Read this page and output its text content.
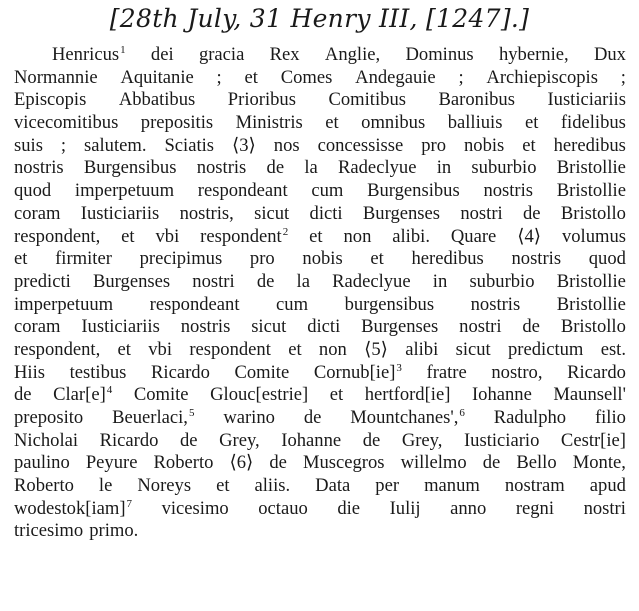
[28th July, 31 Henry III, [1247].]
Henricus$^1$ dei gracia Rex Anglie, Dominus hybernie, Dux
Normannie Aquitanie ; et Comes Andegauie ; Archiepiscopis ;
Episcopis Abbatibus Prioribus Comitibus Baronibus Iusticiariis
vicecomitibus prepositis Ministris et omnibus balliuis et fidelibus
suis ; salutem. Sciatis ⟨3⟩ nos concessisse pro nobis et heredibus
nostris Burgensibus nostris de la Radeclyue in suburbio Bristollie
quod imperpetuum respondeant cum Burgensibus nostris Bristollie
coram Iusticiariis nostris, sicut dicti Burgenses nostri de Bristollo
respondent, et vbi respondent$^2$ et non alibi. Quare ⟨4⟩ volumus
et firmiter precipimus pro nobis et heredibus nostris quod
predicti Burgenses nostri de la Radeclyue in suburbio Bristollie
imperpetuum respondeant cum burgensibus nostris Bristollie
coram Iusticiariis nostris sicut dicti Burgenses nostri de Bristollo
respondent, et vbi respondent et non ⟨5⟩ alibi sicut predictum est.
Hiis testibus Ricardo Comite Cornub[ie]$^3$ fratre nostro, Ricardo
de Clar[e]$^4$ Comite Glouc[estrie] et hertford[ie] Iohanne Maunsell'
preposito Beuerlaci,$^5$ warino de Mountchanes',$^6$ Radulpho filio
Nicholai Ricardo de Grey, Iohanne de Grey, Iusticiario Cestr[ie]
paulino Peyure Roberto ⟨6⟩ de Muscegros willelmo de Bello Monte,
Roberto le Noreys et aliis. Data per manum nostram apud
wodestok[iam]$^7$ vicesimo octauo die Iulij anno regni nostri
tricesimo primo.
